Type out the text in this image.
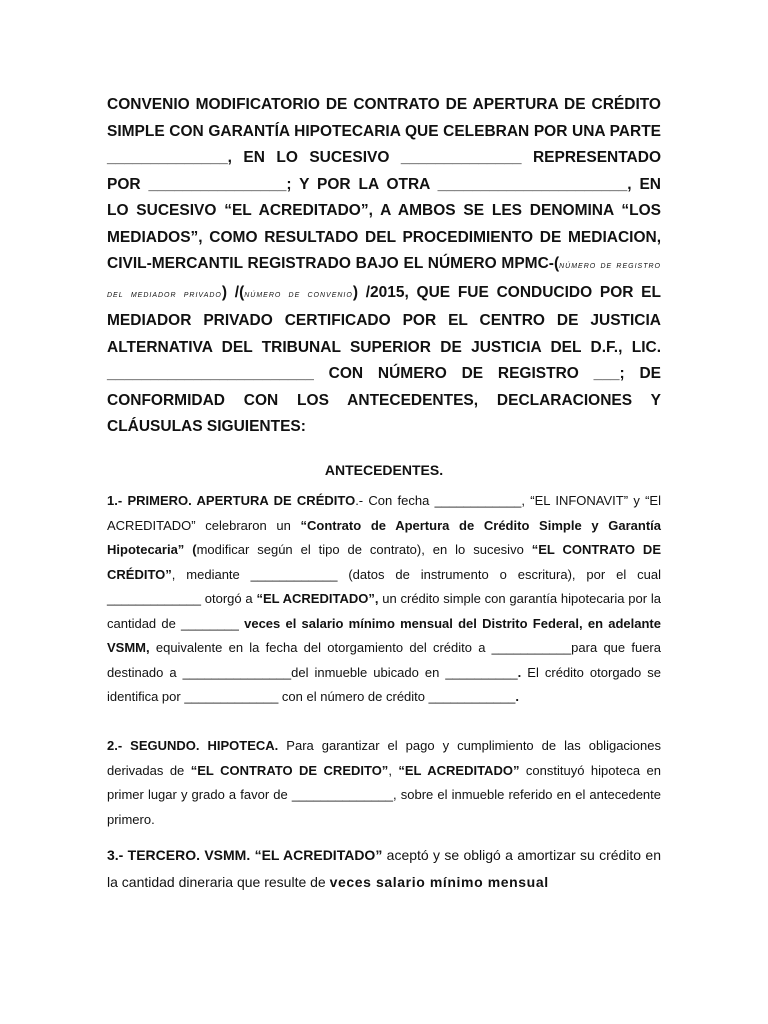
CONVENIO MODIFICATORIO DE CONTRATO DE APERTURA DE CRÉDITO SIMPLE CON GARANTÍA HIPOTECARIA QUE CELEBRAN POR UNA PARTE ______________, EN LO SUCESIVO ______________ REPRESENTADO POR ________________; Y POR LA OTRA ______________________, EN LO SUCESIVO “EL ACREDITADO”, A AMBOS SE LES DENOMINA “LOS MEDIADOS”, COMO RESULTADO DEL PROCEDIMIENTO DE MEDIACION, CIVIL-MERCANTIL REGISTRADO BAJO EL NÚMERO MPMC-(número de registro del mediador privado) /(número de convenio) /2015, QUE FUE CONDUCIDO POR EL MEDIADOR PRIVADO CERTIFICADO POR EL CENTRO DE JUSTICIA ALTERNATIVA DEL TRIBUNAL SUPERIOR DE JUSTICIA DEL D.F., LIC. ________________________ CON NÚMERO DE REGISTRO ___; DE CONFORMIDAD CON LOS ANTECEDENTES, DECLARACIONES Y CLÁUSULAS SIGUIENTES:
ANTECEDENTES.
1.- PRIMERO. APERTURA DE CRÉDITO.- Con fecha ____________, “EL INFONAVIT” y “El ACREDITADO” celebraron un “Contrato de Apertura de Crédito Simple y Garantía Hipotecaria” (modificar según el tipo de contrato), en lo sucesivo “EL CONTRATO DE CRÉDITO”, mediante ____________ (datos de instrumento o escritura), por el cual _____________ otorgó a “EL ACREDITADO”, un crédito simple con garantía hipotecaria por la cantidad de ________ veces el salario mínimo mensual del Distrito Federal, en adelante VSMM, equivalente en la fecha del otorgamiento del crédito a ___________para que fuera destinado a _______________del inmueble ubicado en __________. El crédito otorgado se identifica por _____________ con el número de crédito ____________.
2.- SEGUNDO. HIPOTECA. Para garantizar el pago y cumplimiento de las obligaciones derivadas de “EL CONTRATO DE CREDITO”, “EL ACREDITADO” constituyó hipoteca en primer lugar y grado a favor de ______________, sobre el inmueble referido en el antecedente primero.
3.- TERCERO. VSMM. “EL ACREDITADO” aceptó y se obligó a amortizar su crédito en la cantidad dineraria que resulte de veces salario mínimo mensual
